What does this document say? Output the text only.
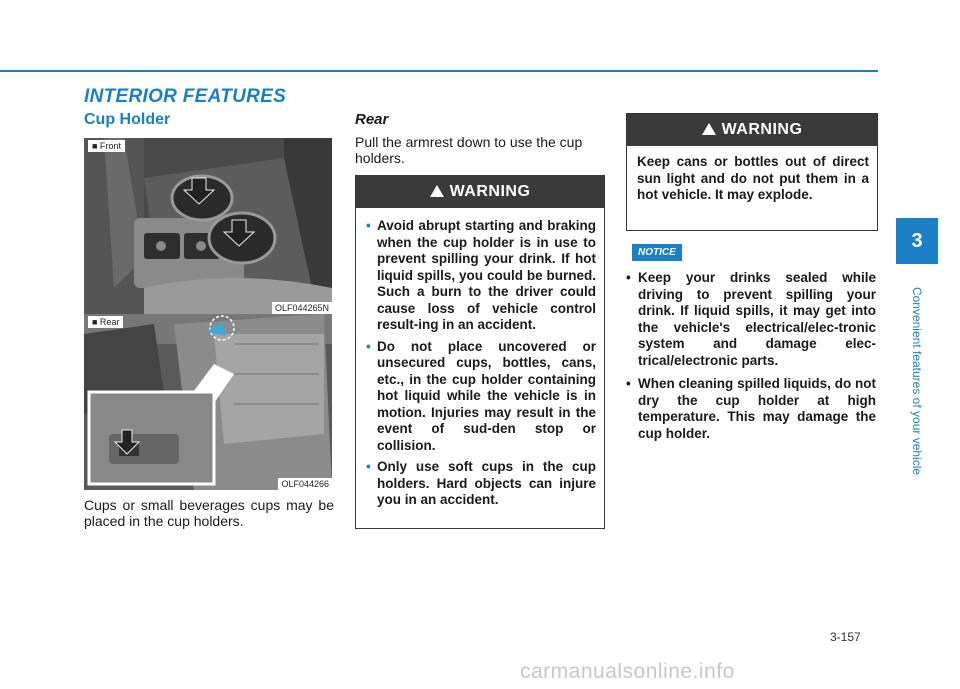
INTERIOR FEATURES
Cup Holder
■ Front
OLF044265N
■ Rear
OLF044266
Cups or small beverages cups may be placed in the cup holders.
Rear
Pull the armrest down to use the cup holders.
!WARNING
• Avoid abrupt starting and braking when the cup holder is in use to prevent spilling your drink. If hot liquid spills, you could be burned. Such a burn to the driver could cause loss of vehicle control result-ing in an accident.
• Do not place uncovered or unsecured cups, bottles, cans, etc., in the cup holder containing hot liquid while the vehicle is in motion. Injuries may result in the event of sud-den stop or collision.
• Only use soft cups in the cup holders. Hard objects can injure you in an accident.
!WARNING
Keep cans or bottles out of direct sun light and do not put them in a hot vehicle. It may explode.
NOTICE
• Keep your drinks sealed while driving to prevent spilling your drink. If liquid spills, it may get into the vehicle's electrical/elec-tronic system and damage elec-trical/electronic parts.
• When cleaning spilled liquids, do not dry the cup holder at high temperature. This may damage the cup holder.
3
Convenient features of your vehicle
3-157
carmanualsonline.info
